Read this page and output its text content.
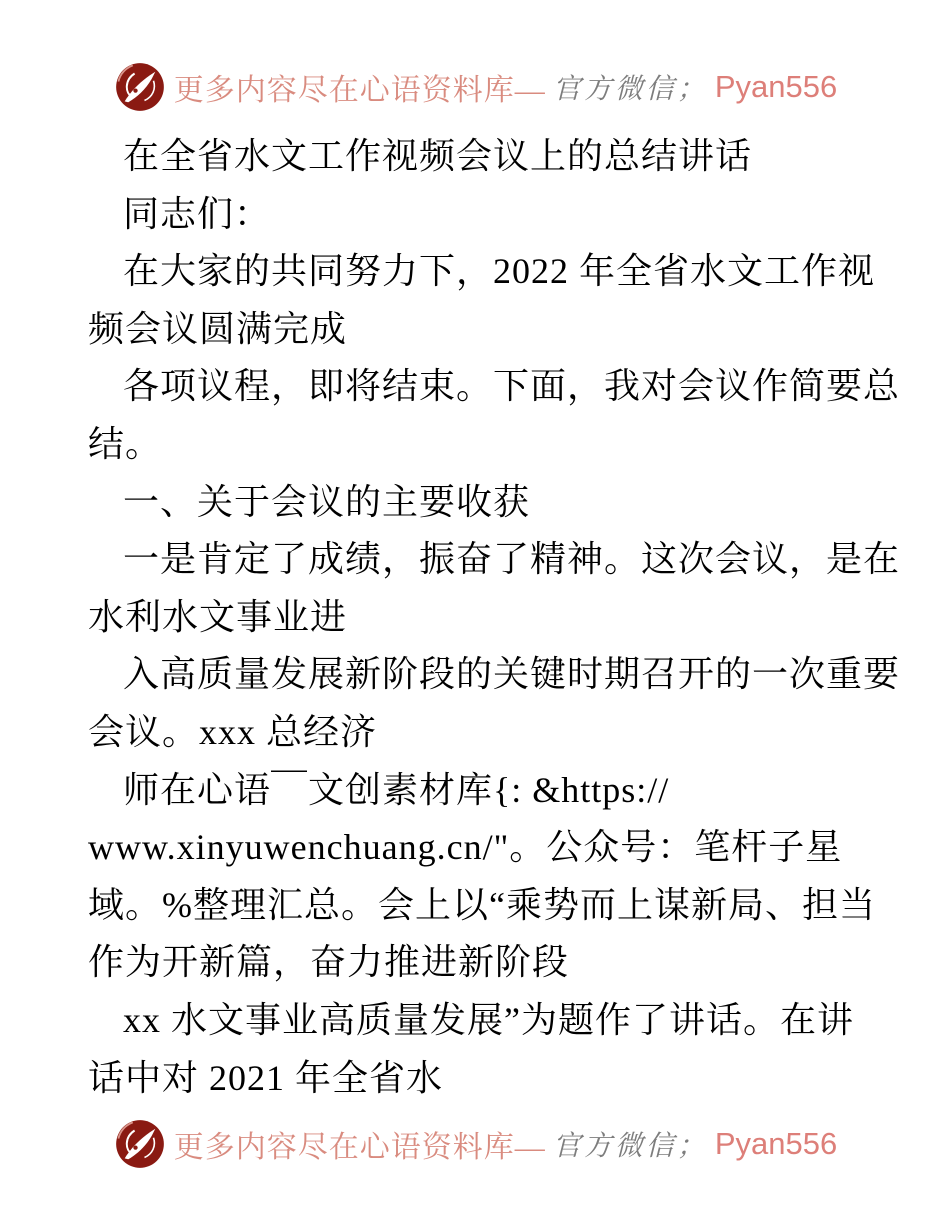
更多内容尽在心语资料库— 官方微信； Pyan556

在全省水文工作视频会议上的总结讲话

同志们：

在大家的共同努力下，2022 年全省水文工作视

频会议圆满完成

各项议程，即将结束。下面，我对会议作简要总

结。

一、关于会议的主要收获

一是肯定了成绩，振奋了精神。这次会议，是在

水利水文事业进

入高质量发展新阶段的关键时期召开的一次重要

会议。xxx 总经济

师在心语￣文创素材库{: &https://

www.xinyuwenchuang.cn/"。公众号：笔杆子星

域。%整理汇总。会上以“乘势而上谋新局、担当

作为开新篇，奋力推进新阶段

xx 水文事业高质量发展”为题作了讲话。在讲

话中对 2021 年全省水

更多内容尽在心语资料库— 官方微信； Pyan556
